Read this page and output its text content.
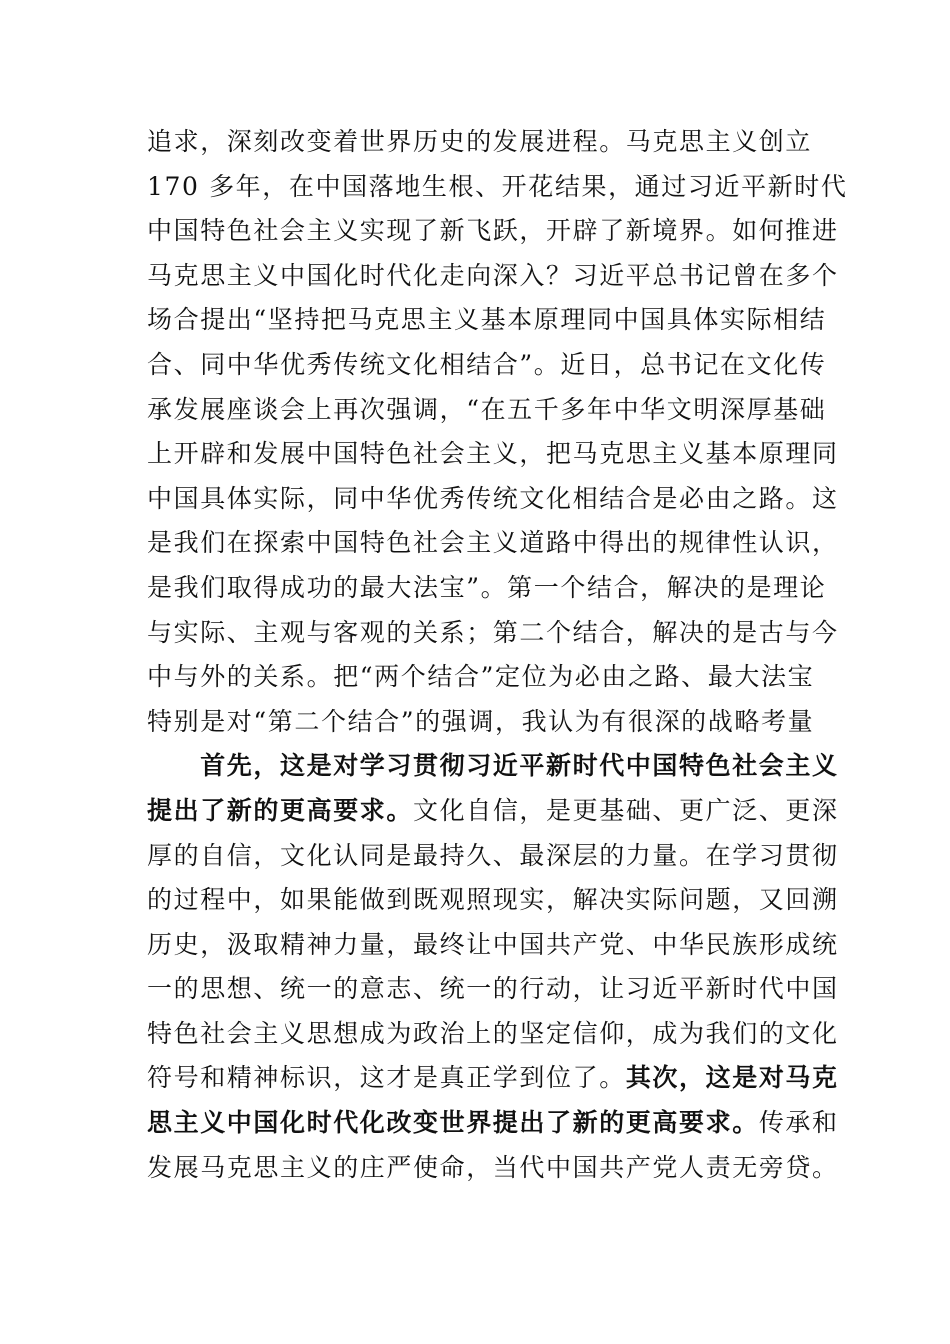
追求，深刻改变着世界历史的发展进程。马克思主义创立
170 多年，在中国落地生根、开花结果，通过习近平新时代
中国特色社会主义实现了新飞跃，开辟了新境界。如何推进
马克思主义中国化时代化走向深入？习近平总书记曾在多个
场合提出“坚持把马克思主义基本原理同中国具体实际相结
合、同中华优秀传统文化相结合”。近日，总书记在文化传
承发展座谈会上再次强调，“在五千多年中华文明深厚基础
上开辟和发展中国特色社会主义，把马克思主义基本原理同
中国具体实际，同中华优秀传统文化相结合是必由之路。这
是我们在探索中国特色社会主义道路中得出的规律性认识，
是我们取得成功的最大法宝”。第一个结合，解决的是理论
与实际、主观与客观的关系；第二个结合，解决的是古与今
中与外的关系。把“两个结合”定位为必由之路、最大法宝
特别是对“第二个结合”的强调，我认为有很深的战略考量
　　首先，这是对学习贯彻习近平新时代中国特色社会主义
提出了新的更高要求。文化自信，是更基础、更广泛、更深
厚的自信，文化认同是最持久、最深层的力量。在学习贯彻
的过程中，如果能做到既观照现实，解决实际问题，又回溯
历史，汲取精神力量，最终让中国共产党、中华民族形成统
一的思想、统一的意志、统一的行动，让习近平新时代中国
特色社会主义思想成为政治上的坚定信仰，成为我们的文化
符号和精神标识，这才是真正学到位了。其次，这是对马克
思主义中国化时代化改变世界提出了新的更高要求。传承和
发展马克思主义的庄严使命，当代中国共产党人责无旁贷。
